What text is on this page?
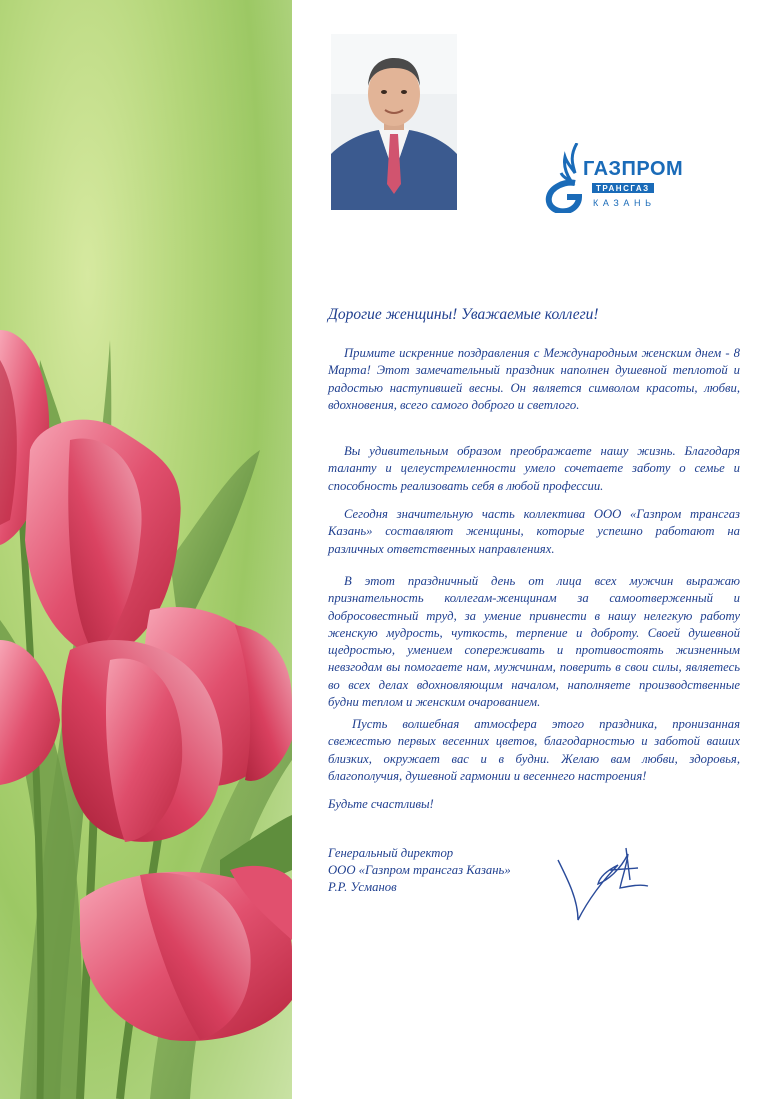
ГАЗПРОМ
ТРАНСГАЗ
КАЗАНЬ
Дорогие женщины! Уважаемые коллеги!
Примите искренние поздравления с Международным женским днем - 8 Марта! Этот замечательный праздник наполнен душевной теплотой и радостью наступившей весны. Он является символом красоты, любви, вдохновения, всего самого доброго и светлого.
Вы удивительным образом преображаете нашу жизнь. Благодаря таланту и целеустремленности умело сочетаете заботу о семье и способность реализовать себя в любой профессии.
Сегодня значительную часть коллектива ООО «Газпром трансгаз Казань» составляют женщины, которые успешно работают на различных ответственных направлениях.
В этот праздничный день от лица всех мужчин выражаю признательность коллегам-женщинам за самоотверженный и добросовестный труд, за умение привнести в нашу нелегкую работу женскую мудрость, чуткость, терпение и доброту. Своей душевной щедростью, умением сопереживать и противостоять жизненным невзгодам вы помогаете нам, мужчинам, поверить в свои силы, являетесь во всех делах вдохновляющим началом, наполняете производственные будни теплом и женским очарованием.
Пусть волшебная атмосфера этого праздника, пронизанная свежестью первых весенних цветов, благодарностью и заботой ваших близких, окружает вас и в будни. Желаю вам любви, здоровья, благополучия, душевной гармонии и весеннего настроения!
Будьте счастливы!
Генеральный директор
ООО «Газпром трансгаз Казань»
Р.Р. Усманов
